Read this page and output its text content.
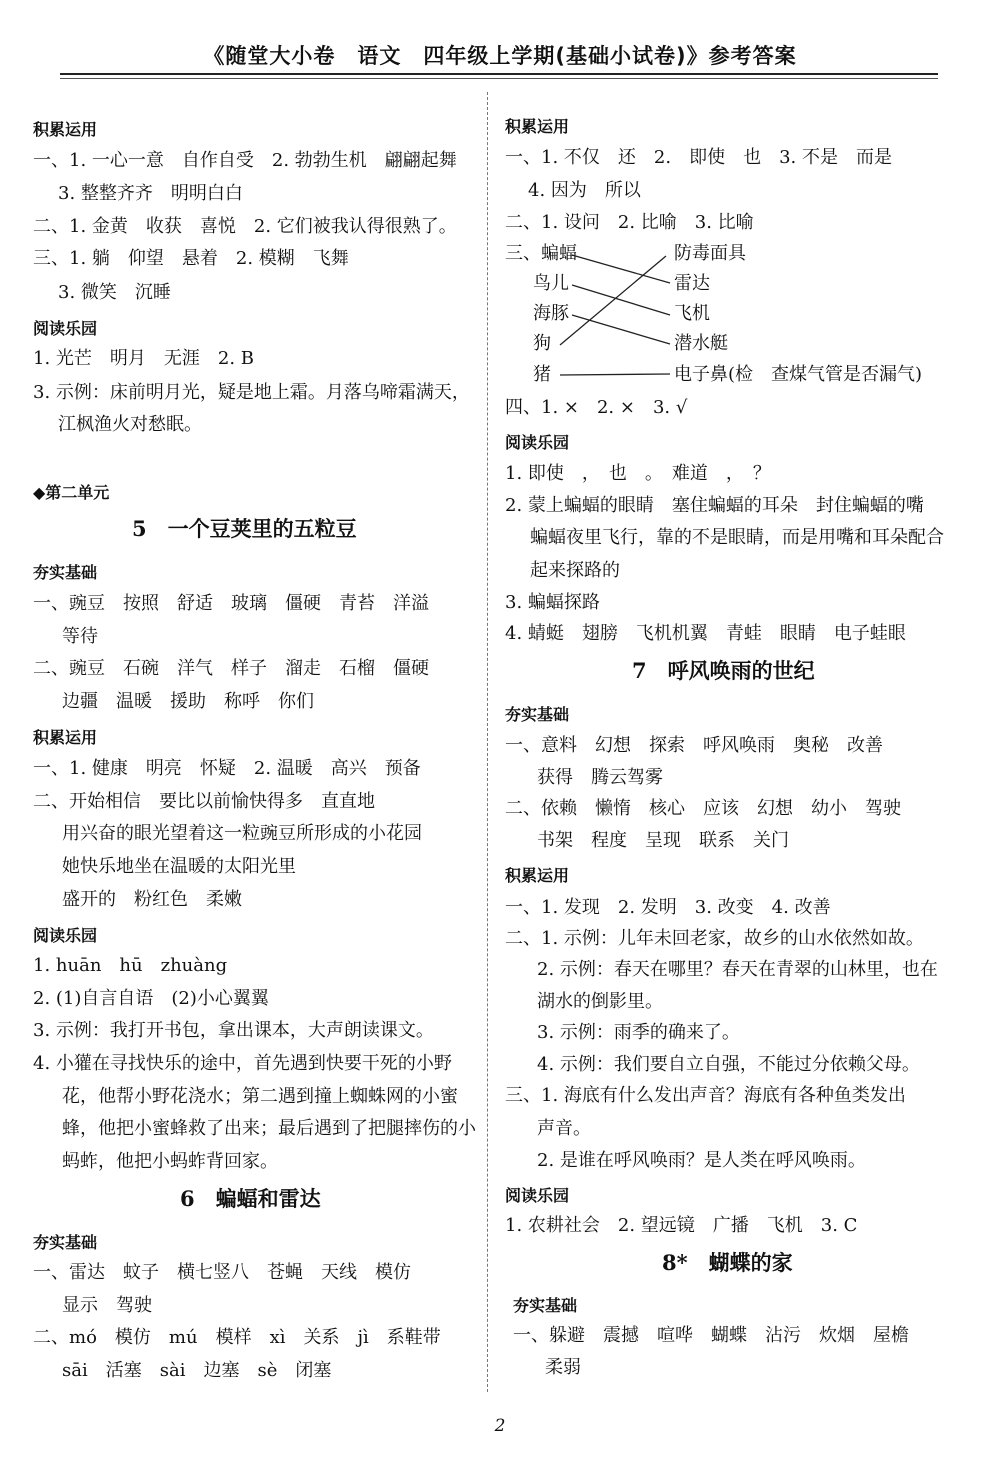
《随堂大小卷　语文　四年级上学期(基础小试卷)》参考答案
积累运用
一、1. 一心一意　自作自受　2. 勃勃生机　翩翩起舞
3. 整整齐齐　明明白白
二、1. 金黄　收获　喜悦　2. 它们被我认得很熟了。
三、1. 躺　仰望　悬着　2. 模糊　飞舞
3. 微笑　沉睡
阅读乐园
1. 光芒　明月　无涯　2. B
3. 示例：床前明月光，疑是地上霜。月落乌啼霜满天，
江枫渔火对愁眠。
◆第二单元
5　一个豆荚里的五粒豆
夯实基础
一、豌豆　按照　舒适　玻璃　僵硬　青苔　洋溢
等待
二、豌豆　石碗　洋气　样子　溜走　石榴　僵硬
边疆　温暖　援助　称呼　你们
积累运用
一、1. 健康　明亮　怀疑　2. 温暖　高兴　预备
二、开始相信　要比以前愉快得多　直直地
用兴奋的眼光望着这一粒豌豆所形成的小花园
她快乐地坐在温暖的太阳光里
盛开的　粉红色　柔嫩
阅读乐园
1. huān　hū　zhuàng
2. (1)自言自语　(2)小心翼翼
3. 示例：我打开书包，拿出课本，大声朗读课文。
4. 小獾在寻找快乐的途中，首先遇到快要干死的小野
花，他帮小野花浇水；第二遇到撞上蜘蛛网的小蜜
蜂，他把小蜜蜂救了出来；最后遇到了把腿摔伤的小
蚂蚱，他把小蚂蚱背回家。
6　蝙蝠和雷达
夯实基础
一、雷达　蚊子　横七竖八　苍蝇　天线　模仿
显示　驾驶
二、mó　模仿　mú　模样　xì　关系　jì　系鞋带
sāi　活塞　sài　边塞　sè　闭塞
积累运用
一、1. 不仅　还　2.　即使　也　3. 不是　而是
4. 因为　所以
二、1. 设问　2. 比喻　3. 比喻
三、蝙蝠	防毒面具
鸟儿	雷达
海豚	飞机
狗	潜水艇
猪	电子鼻(检　查煤气管是否漏气)
四、1. ×　2. ×　3. √
阅读乐园
1. 即使　，　也　。　难道　，　？
2. 蒙上蝙蝠的眼睛　塞住蝙蝠的耳朵　封住蝙蝠的嘴
蝙蝠夜里飞行，靠的不是眼睛，而是用嘴和耳朵配合
起来探路的
3. 蝙蝠探路
4. 蜻蜓　翅膀　飞机机翼　青蛙　眼睛　电子蛙眼
7　呼风唤雨的世纪
夯实基础
一、意料　幻想　探索　呼风唤雨　奥秘　改善
获得　腾云驾雾
二、依赖　懒惰　核心　应该　幻想　幼小　驾驶
书架　程度　呈现　联系　关门
积累运用
一、1. 发现　2. 发明　3. 改变　4. 改善
二、1. 示例：儿年未回老家，故乡的山水依然如故。
2. 示例：春天在哪里？春天在青翠的山林里，也在
湖水的倒影里。
3. 示例：雨季的确来了。
4. 示例：我们要自立自强，不能过分依赖父母。
三、1. 海底有什么发出声音？海底有各种鱼类发出
声音。
2. 是谁在呼风唤雨？是人类在呼风唤雨。
阅读乐园
1. 农耕社会　2. 望远镜　广播　飞机　3. C
8*　蝴蝶的家
夯实基础
一、躲避　震撼　喧哗　蝴蝶　沾污　炊烟　屋檐
柔弱
2
